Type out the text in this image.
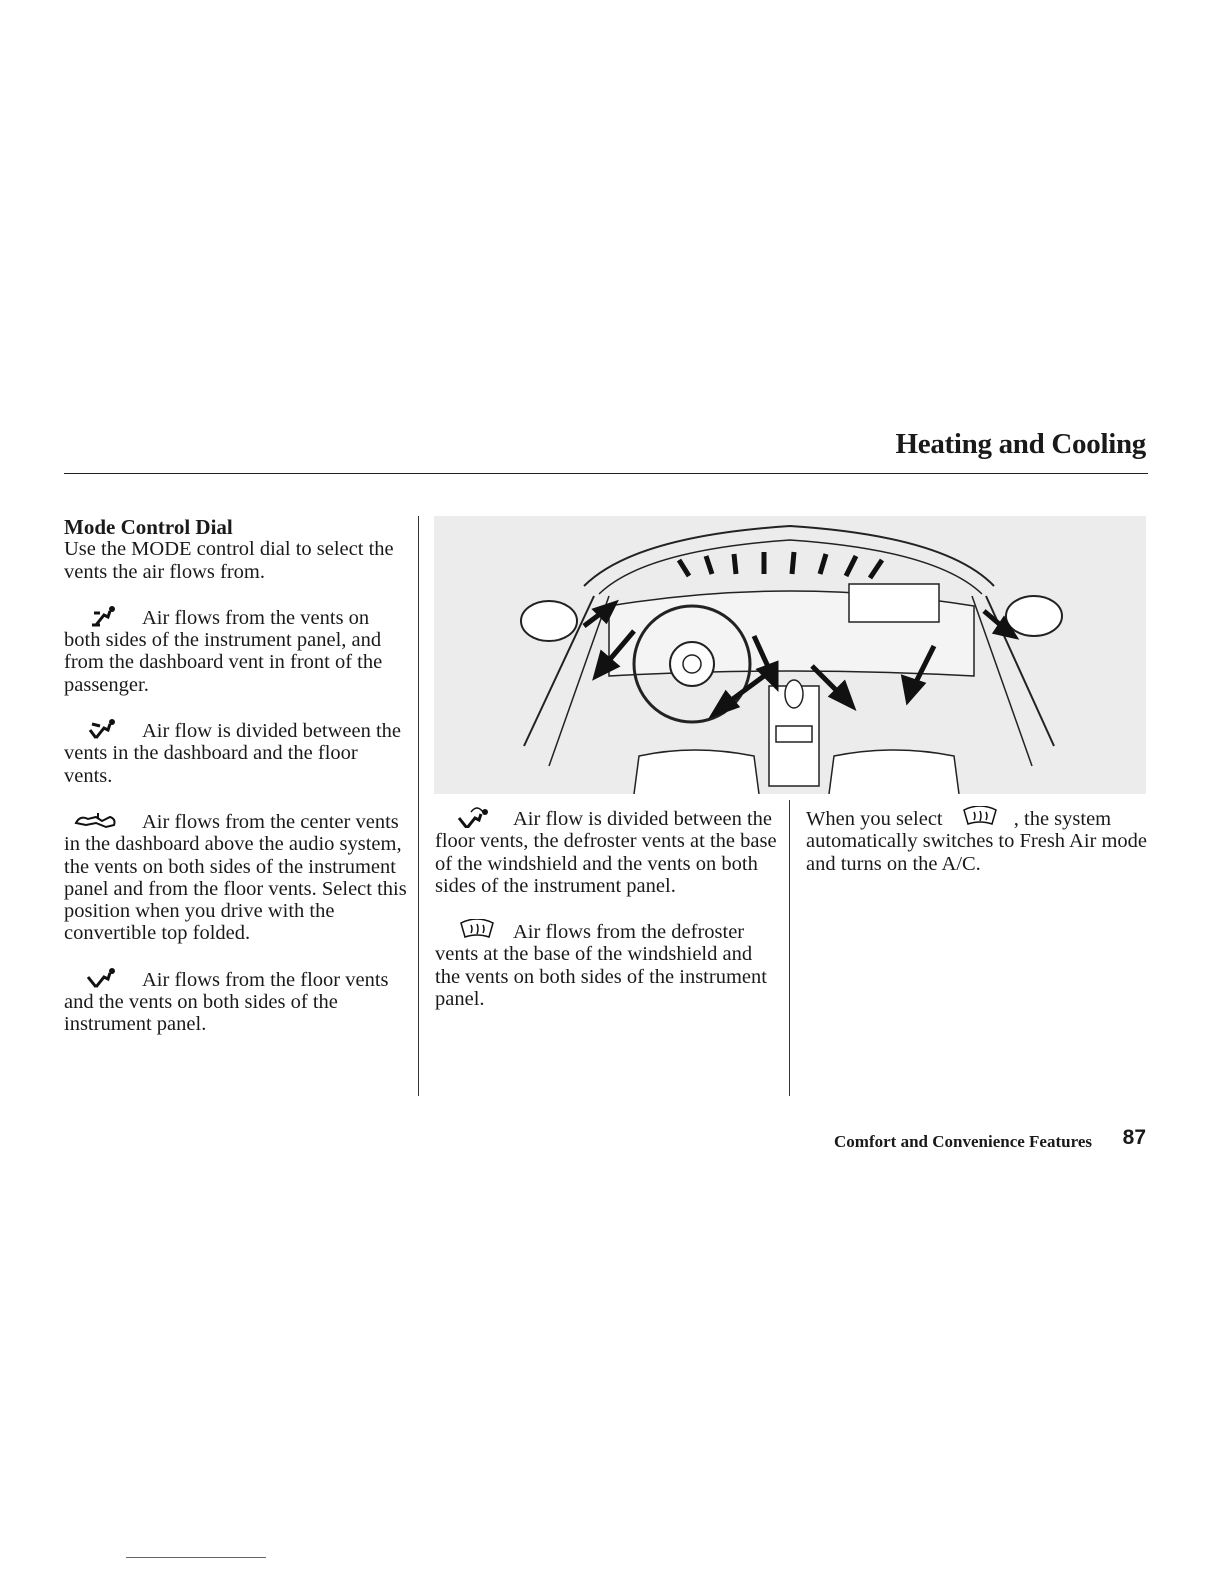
Heating and Cooling

Mode Control Dial
Use the MODE control dial to select the vents the air flows from.

Air flows from the vents on both sides of the instrument panel, and from the dashboard vent in front of the passenger.

Air flow is divided between the vents in the dashboard and the floor vents.

Air flows from the center vents in the dashboard above the audio system, the vents on both sides of the instrument panel and from the floor vents. Select this position when you drive with the convertible top folded.

Air flows from the floor vents and the vents on both sides of the instrument panel.

Air flow is divided between the floor vents, the defroster vents at the base of the windshield and the vents on both sides of the instrument panel.

Air flows from the defroster vents at the base of the windshield and the vents on both sides of the instrument panel.

When you select	, the system automatically switches to Fresh Air mode and turns on the A/C.

Comfort and Convenience Features 87
